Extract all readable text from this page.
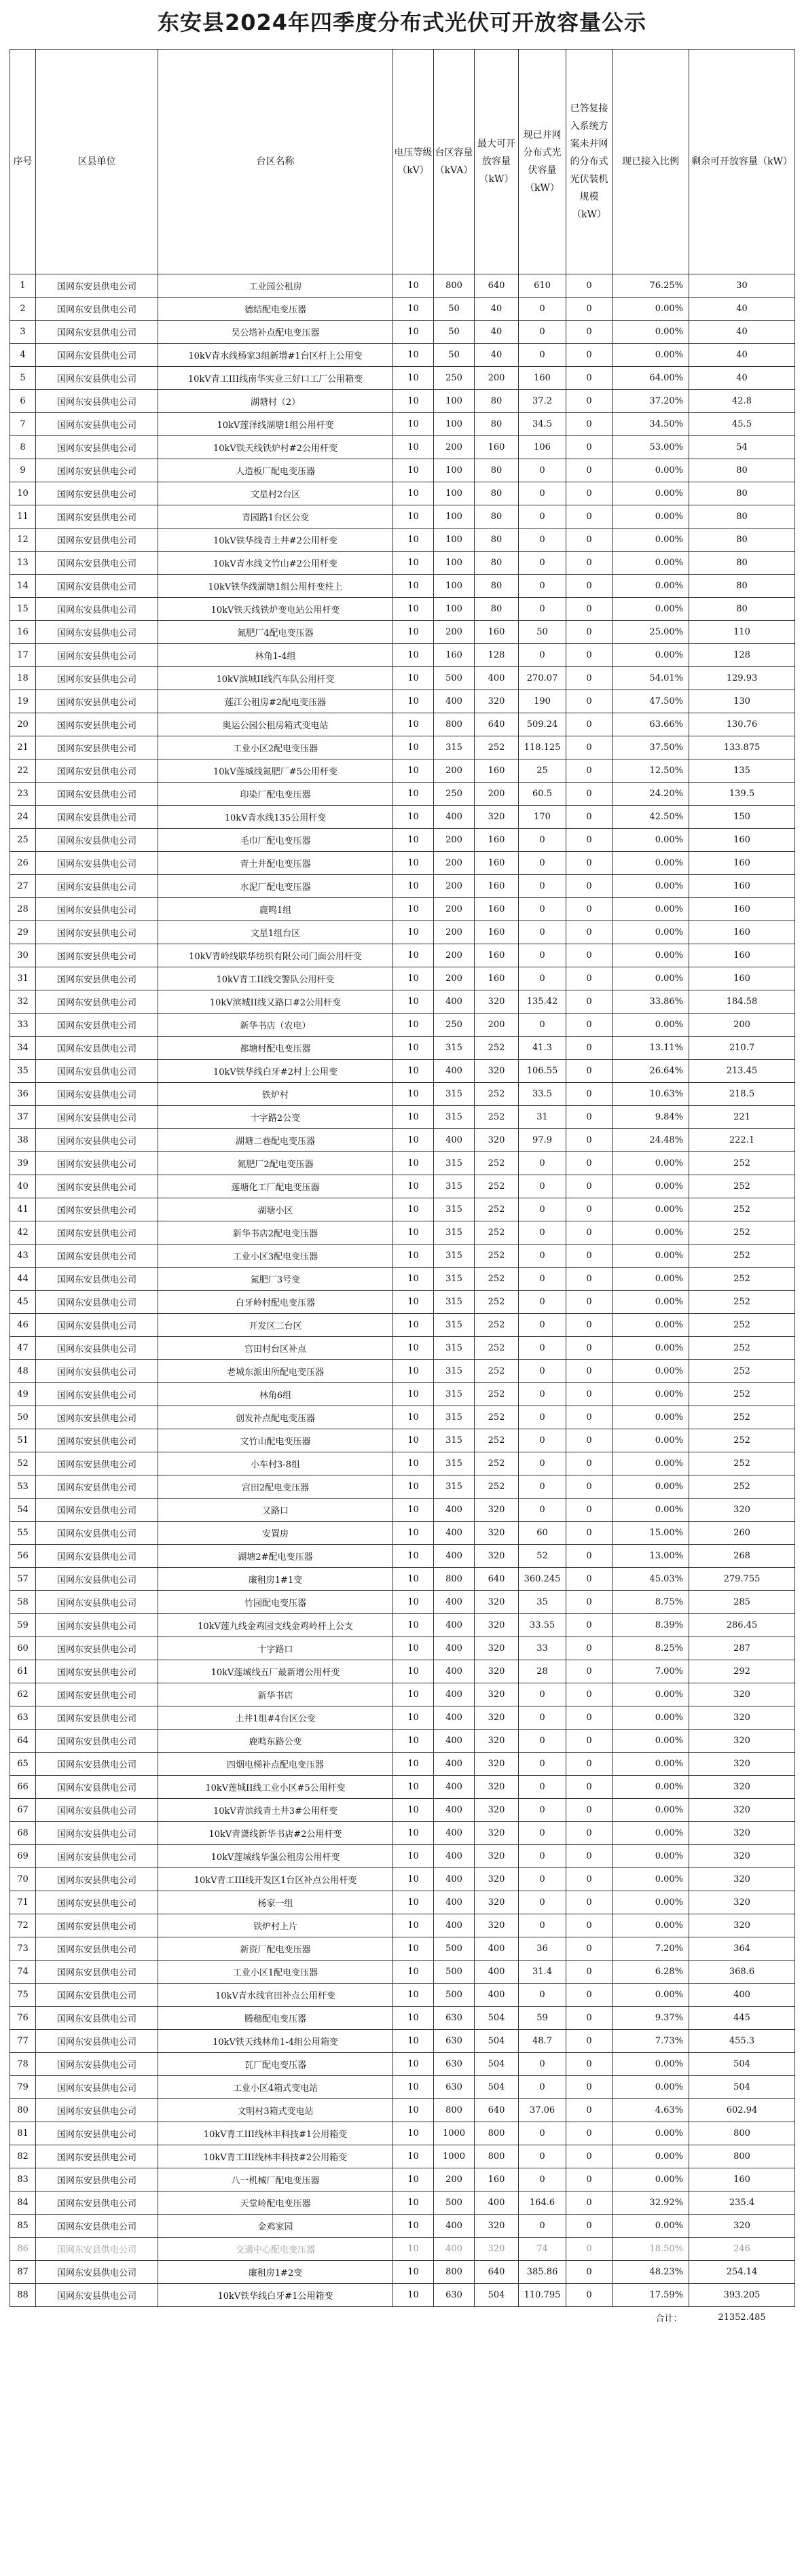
东安县2024年四季度分布式光伏可开放容量公示
序号	区县单位	台区名称	电压等级（kV）	台区容量（kVA）	最大可开放容量（kW）	现已并网分布式光伏容量（kW）	已答复接入系统方案未并网的分布式光伏装机规模（kW）	现已接入比例	剩余可开放容量（kW）
1	国网东安县供电公司	工业园公租房	10	800	640	610	0	76.25%	30
2	国网东安县供电公司	德结配电变压器	10	50	40	0	0	0.00%	40
3	国网东安县供电公司	吴公塔补点配电变压器	10	50	40	0	0	0.00%	40
4	国网东安县供电公司	10kV青水线杨家3组新增#1台区杆上公用变	10	50	40	0	0	0.00%	40
5	国网东安县供电公司	10kV青工III线南华实业三好口工厂公用箱变	10	250	200	160	0	64.00%	40
6	国网东安县供电公司	湖塘村（2）	10	100	80	37.2	0	37.20%	42.8
7	国网东安县供电公司	10kV莲泽线湖塘1组公用杆变	10	100	80	34.5	0	34.50%	45.5
8	国网东安县供电公司	10kV铁天线铁炉村#2公用杆变	10	200	160	106	0	53.00%	54
9	国网东安县供电公司	人造板厂配电变压器	10	100	80	0	0	0.00%	80
10	国网东安县供电公司	文星村2台区	10	100	80	0	0	0.00%	80
11	国网东安县供电公司	青园路1台区公变	10	100	80	0	0	0.00%	80
12	国网东安县供电公司	10kV铁华线青土井#2公用杆变	10	100	80	0	0	0.00%	80
13	国网东安县供电公司	10kV青水线文竹山#2公用杆变	10	100	80	0	0	0.00%	80
14	国网东安县供电公司	10kV铁华线湖塘1组公用杆变柱上	10	100	80	0	0	0.00%	80
15	国网东安县供电公司	10kV铁天线铁炉变电站公用杆变	10	100	80	0	0	0.00%	80
16	国网东安县供电公司	氮肥厂4配电变压器	10	200	160	50	0	25.00%	110
17	国网东安县供电公司	林角1-4组	10	160	128	0	0	0.00%	128
18	国网东安县供电公司	10kV滨城II线汽车队公用杆变	10	500	400	270.07	0	54.01%	129.93
19	国网东安县供电公司	莲江公租房#2配电变压器	10	400	320	190	0	47.50%	130
20	国网东安县供电公司	奥运公园公租房箱式变电站	10	800	640	509.24	0	63.66%	130.76
21	国网东安县供电公司	工业小区2配电变压器	10	315	252	118.125	0	37.50%	133.875
22	国网东安县供电公司	10kV莲城线氮肥厂#5公用杆变	10	200	160	25	0	12.50%	135
23	国网东安县供电公司	印染厂配电变压器	10	250	200	60.5	0	24.20%	139.5
24	国网东安县供电公司	10kV青水线135公用杆变	10	400	320	170	0	42.50%	150
25	国网东安县供电公司	毛巾厂配电变压器	10	200	160	0	0	0.00%	160
26	国网东安县供电公司	青土井配电变压器	10	200	160	0	0	0.00%	160
27	国网东安县供电公司	水泥厂配电变压器	10	200	160	0	0	0.00%	160
28	国网东安县供电公司	鹿鸣1组	10	200	160	0	0	0.00%	160
29	国网东安县供电公司	文星1组台区	10	200	160	0	0	0.00%	160
30	国网东安县供电公司	10kV青岭线联华纺织有限公司门面公用杆变	10	200	160	0	0	0.00%	160
31	国网东安县供电公司	10kV青工II线交警队公用杆变	10	200	160	0	0	0.00%	160
32	国网东安县供电公司	10kV滨城II线又路口#2公用杆变	10	400	320	135.42	0	33.86%	184.58
33	国网东安县供电公司	新华书店（农电）	10	250	200	0	0	0.00%	200
34	国网东安县供电公司	都塘村配电变压器	10	315	252	41.3	0	13.11%	210.7
35	国网东安县供电公司	10kV铁华线白牙#2村上公用变	10	400	320	106.55	0	26.64%	213.45
36	国网东安县供电公司	铁炉村	10	315	252	33.5	0	10.63%	218.5
37	国网东安县供电公司	十字路2公变	10	315	252	31	0	9.84%	221
38	国网东安县供电公司	湖塘二巷配电变压器	10	400	320	97.9	0	24.48%	222.1
39	国网东安县供电公司	氮肥厂2配电变压器	10	315	252	0	0	0.00%	252
40	国网东安县供电公司	莲塘化工厂配电变压器	10	315	252	0	0	0.00%	252
41	国网东安县供电公司	湖塘小区	10	315	252	0	0	0.00%	252
42	国网东安县供电公司	新华书店2配电变压器	10	315	252	0	0	0.00%	252
43	国网东安县供电公司	工业小区3配电变压器	10	315	252	0	0	0.00%	252
44	国网东安县供电公司	氮肥厂3号变	10	315	252	0	0	0.00%	252
45	国网东安县供电公司	白牙岭村配电变压器	10	315	252	0	0	0.00%	252
46	国网东安县供电公司	开发区二台区	10	315	252	0	0	0.00%	252
47	国网东安县供电公司	宫田村台区补点	10	315	252	0	0	0.00%	252
48	国网东安县供电公司	老城东派出所配电变压器	10	315	252	0	0	0.00%	252
49	国网东安县供电公司	林角6组	10	315	252	0	0	0.00%	252
50	国网东安县供电公司	创发补点配电变压器	10	315	252	0	0	0.00%	252
51	国网东安县供电公司	文竹山配电变压器	10	315	252	0	0	0.00%	252
52	国网东安县供电公司	小车村3-8组	10	315	252	0	0	0.00%	252
53	国网东安县供电公司	宫田2配电变压器	10	315	252	0	0	0.00%	252
54	国网东安县供电公司	又路口	10	400	320	0	0	0.00%	320
55	国网东安县供电公司	安置房	10	400	320	60	0	15.00%	260
56	国网东安县供电公司	湖塘2#配电变压器	10	400	320	52	0	13.00%	268
57	国网东安县供电公司	廉租房1#1变	10	800	640	360.245	0	45.03%	279.755
58	国网东安县供电公司	竹园配电变压器	10	400	320	35	0	8.75%	285
59	国网东安县供电公司	10kV莲九线金鸡园支线金鸡岭杆上公支	10	400	320	33.55	0	8.39%	286.45
60	国网东安县供电公司	十字路口	10	400	320	33	0	8.25%	287
61	国网东安县供电公司	10kV莲城线五厂最新增公用杆变	10	400	320	28	0	7.00%	292
62	国网东安县供电公司	新华书店	10	400	320	0	0	0.00%	320
63	国网东安县供电公司	土井1组#4台区公变	10	400	320	0	0	0.00%	320
64	国网东安县供电公司	鹿鸣东路公变	10	400	320	0	0	0.00%	320
65	国网东安县供电公司	四烟电梯补点配电变压器	10	400	320	0	0	0.00%	320
66	国网东安县供电公司	10kV莲城II线工业小区#5公用杆变	10	400	320	0	0	0.00%	320
67	国网东安县供电公司	10kV青滨线青土井3#公用杆变	10	400	320	0	0	0.00%	320
68	国网东安县供电公司	10kV青潇线新华书店#2公用杆变	10	400	320	0	0	0.00%	320
69	国网东安县供电公司	10kV莲城线华强公租房公用杆变	10	400	320	0	0	0.00%	320
70	国网东安县供电公司	10kV青工III线开发区1台区补点公用杆变	10	400	320	0	0	0.00%	320
71	国网东安县供电公司	杨家一组	10	400	320	0	0	0.00%	320
72	国网东安县供电公司	铁炉村上片	10	400	320	0	0	0.00%	320
73	国网东安县供电公司	新资厂配电变压器	10	500	400	36	0	7.20%	364
74	国网东安县供电公司	工业小区1配电变压器	10	500	400	31.4	0	6.28%	368.6
75	国网东安县供电公司	10kV青水线官田补点公用杆变	10	500	400	0	0	0.00%	400
76	国网东安县供电公司	腾穗配电变压器	10	630	504	59	0	9.37%	445
77	国网东安县供电公司	10kV铁天线林角1-4组公用箱变	10	630	504	48.7	0	7.73%	455.3
78	国网东安县供电公司	瓦厂配电变压器	10	630	504	0	0	0.00%	504
79	国网东安县供电公司	工业小区4箱式变电站	10	630	504	0	0	0.00%	504
80	国网东安县供电公司	文明村3箱式变电站	10	800	640	37.06	0	4.63%	602.94
81	国网东安县供电公司	10kV青工III线林丰科技#1公用箱变	10	1000	800	0	0	0.00%	800
82	国网东安县供电公司	10kV青工III线林丰科技#2公用箱变	10	1000	800	0	0	0.00%	800
83	国网东安县供电公司	八一机械厂配电变压器	10	200	160	0	0	0.00%	160
84	国网东安县供电公司	天堂岭配电变压器	10	500	400	164.6	0	32.92%	235.4
85	国网东安县供电公司	金鸡家园	10	400	320	0	0	0.00%	320
86	国网东安县供电公司	交通中心配电变压器	10	400	320	74	0	18.50%	246
87	国网东安县供电公司	廉租房1#2变	10	800	640	385.86	0	48.23%	254.14
88	国网东安县供电公司	10kV铁华线白牙#1公用箱变	10	630	504	110.795	0	17.59%	393.205
合计：									21352.485
